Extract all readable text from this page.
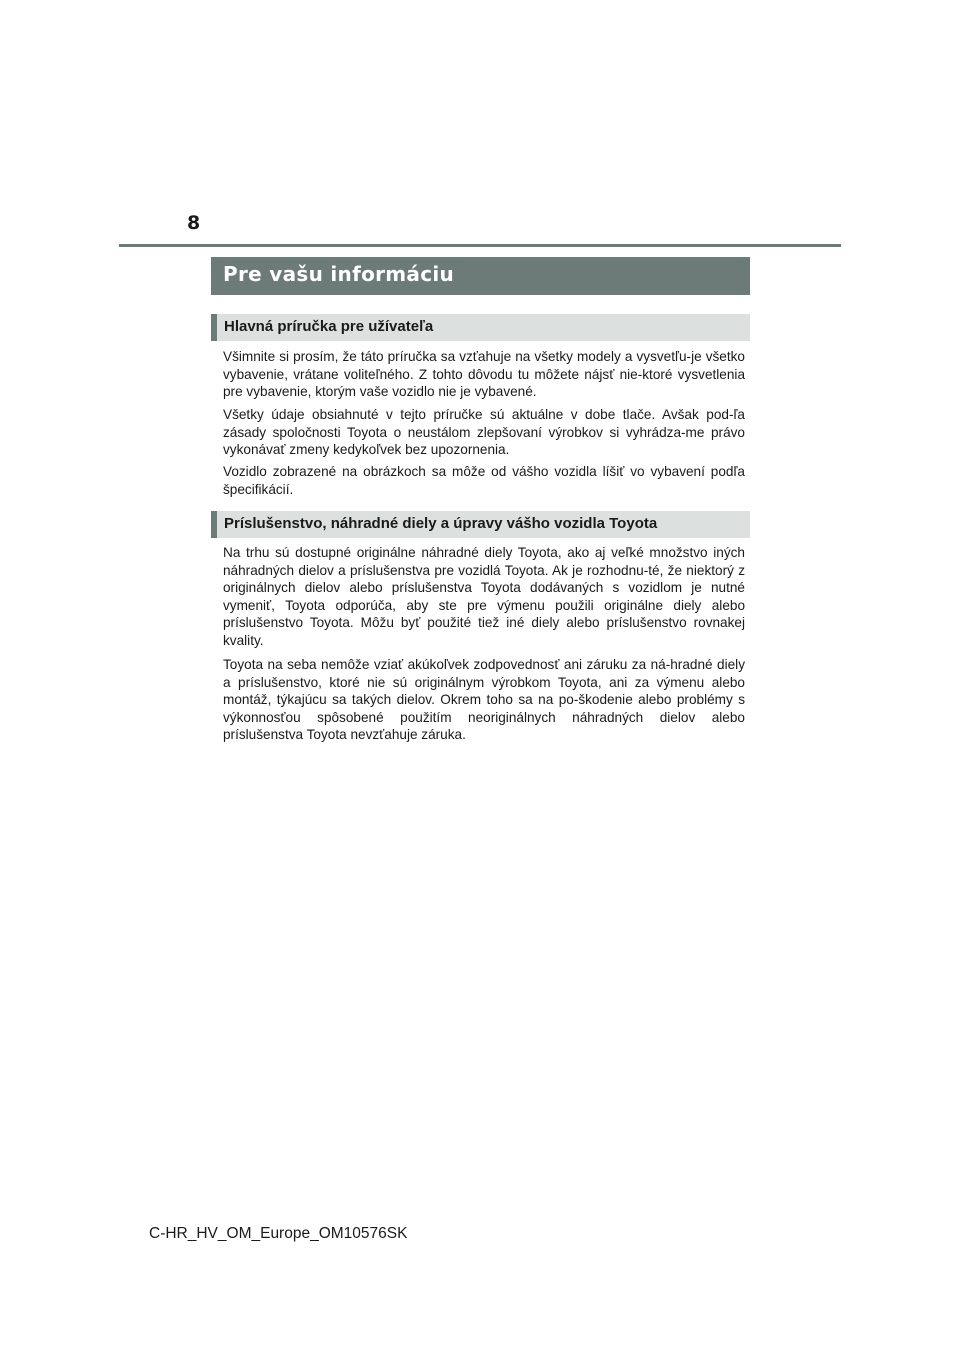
8
Pre vašu informáciu
Hlavná príručka pre užívateľa

Všimnite si prosím, že táto príručka sa vzťahuje na všetky modely a vysvetľu-je všetko vybavenie, vrátane voliteľného. Z tohto dôvodu tu môžete nájsť nie-ktoré vysvetlenia pre vybavenie, ktorým vaše vozidlo nie je vybavené.

Všetky údaje obsiahnuté v tejto príručke sú aktuálne v dobe tlače. Avšak pod-ľa zásady spoločnosti Toyota o neustálom zlepšovaní výrobkov si vyhrádza-me právo vykonávať zmeny kedykoľvek bez upozornenia.

Vozidlo zobrazené na obrázkoch sa môže od vášho vozidla líšiť vo vybavení podľa špecifikácií.

Príslušenstvo, náhradné diely a úpravy vášho vozidla Toyota

Na trhu sú dostupné originálne náhradné diely Toyota, ako aj veľké množstvo iných náhradných dielov a príslušenstva pre vozidlá Toyota. Ak je rozhodnu-té, že niektorý z originálnych dielov alebo príslušenstva Toyota dodávaných s vozidlom je nutné vymeniť, Toyota odporúča, aby ste pre výmenu použili originálne diely alebo príslušenstvo Toyota. Môžu byť použité tiež iné diely alebo príslušenstvo rovnakej kvality.

Toyota na seba nemôže vziať akúkoľvek zodpovednosť ani záruku za ná-hradné diely a príslušenstvo, ktoré nie sú originálnym výrobkom Toyota, ani za výmenu alebo montáž, týkajúcu sa takých dielov. Okrem toho sa na po-škodenie alebo problémy s výkonnosťou spôsobené použitím neoriginálnych náhradných dielov alebo príslušenstva Toyota nevzťahuje záruka.

C-HR_HV_OM_Europe_OM10576SK
